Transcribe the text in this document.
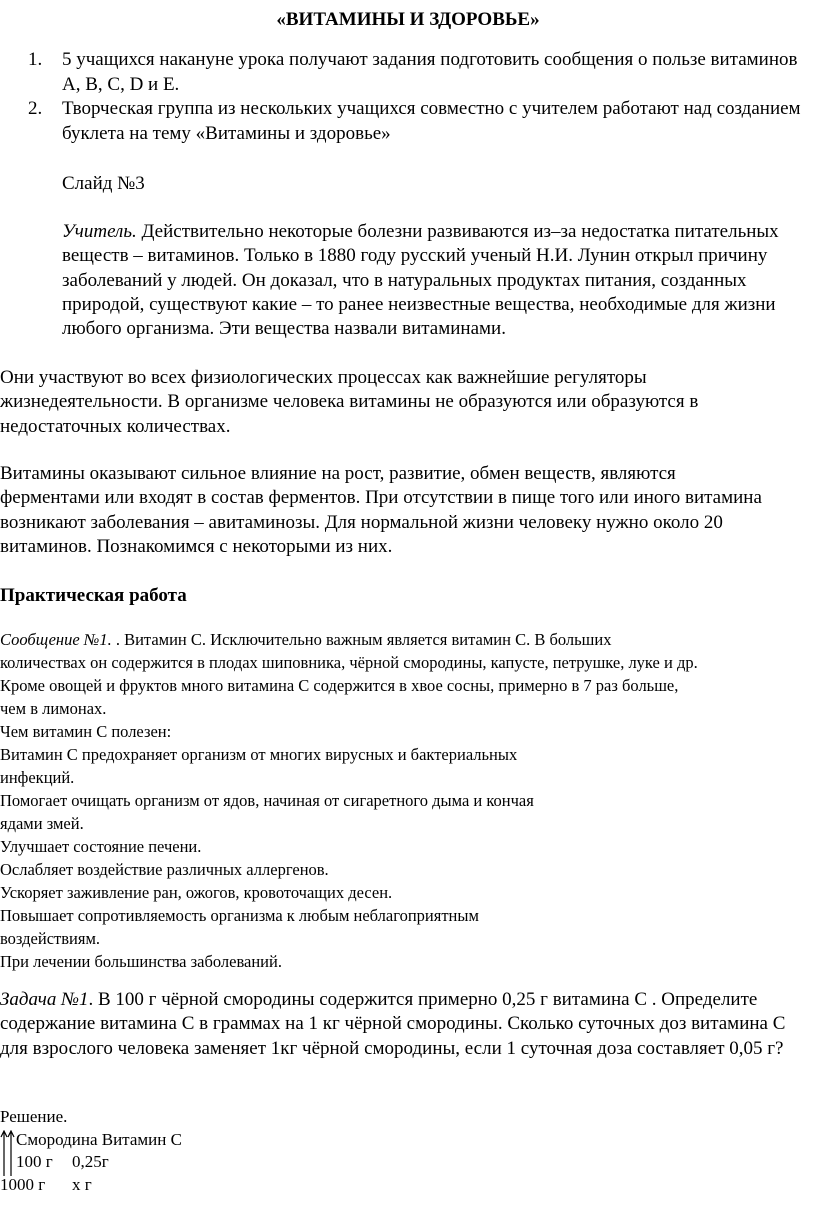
«ВИТАМИНЫ И ЗДОРОВЬЕ»
1. 5 учащихся накануне урока получают задания подготовить сообщения о пользе витаминов А, В, С, D и Е.
2. Творческая группа из нескольких учащихся совместно с учителем работают над созданием буклета на тему «Витамины и здоровье»
Слайд №3
Учитель. Действительно некоторые болезни развиваются из–за недостатка питательных веществ – витаминов. Только в 1880 году русский ученый Н.И. Лунин открыл причину заболеваний у людей. Он доказал, что в натуральных продуктах питания, созданных природой, существуют какие – то ранее неизвестные вещества, необходимые для жизни любого организма. Эти вещества назвали витаминами.
Они участвуют во всех физиологических процессах как важнейшие регуляторы жизнедеятельности. В организме человека витамины не образуются или образуются в недостаточных количествах.
Витамины оказывают сильное влияние на рост, развитие, обмен веществ, являются ферментами или входят в состав ферментов. При отсутствии в пище того или иного витамина возникают заболевания – авитаминозы. Для нормальной жизни человеку нужно около 20 витаминов. Познакомимся с некоторыми из них.
Практическая работа
Сообщение №1. . Витамин С. Исключительно важным является витамин С. В больших
количествах он содержится в плодах шиповника, чёрной смородины, капусте, петрушке, луке и др.
Кроме овощей и фруктов много витамина С содержится в хвое сосны, примерно в 7 раз больше,
чем в лимонах.
Чем витамин С полезен:
Витамин С предохраняет организм от многих вирусных и бактериальных
инфекций.
Помогает очищать организм от ядов, начиная от сигаретного дыма и кончая
ядами змей.
Улучшает состояние печени.
Ослабляет воздействие различных аллергенов.
Ускоряет заживление ран, ожогов, кровоточащих десен.
Повышает сопротивляемость организма к любым неблагоприятным
воздействиям.
При лечении большинства заболеваний.
Задача №1. В 100 г чёрной смородины содержится примерно 0,25 г витамина С . Определите содержание витамина С в граммах на 1 кг чёрной смородины. Сколько суточных доз витамина С для взрослого человека заменяет 1кг чёрной смородины, если 1 суточная доза составляет 0,05 г?
Решение.
Смородина Витамин С
100 г 0,25г
1000 г х г
